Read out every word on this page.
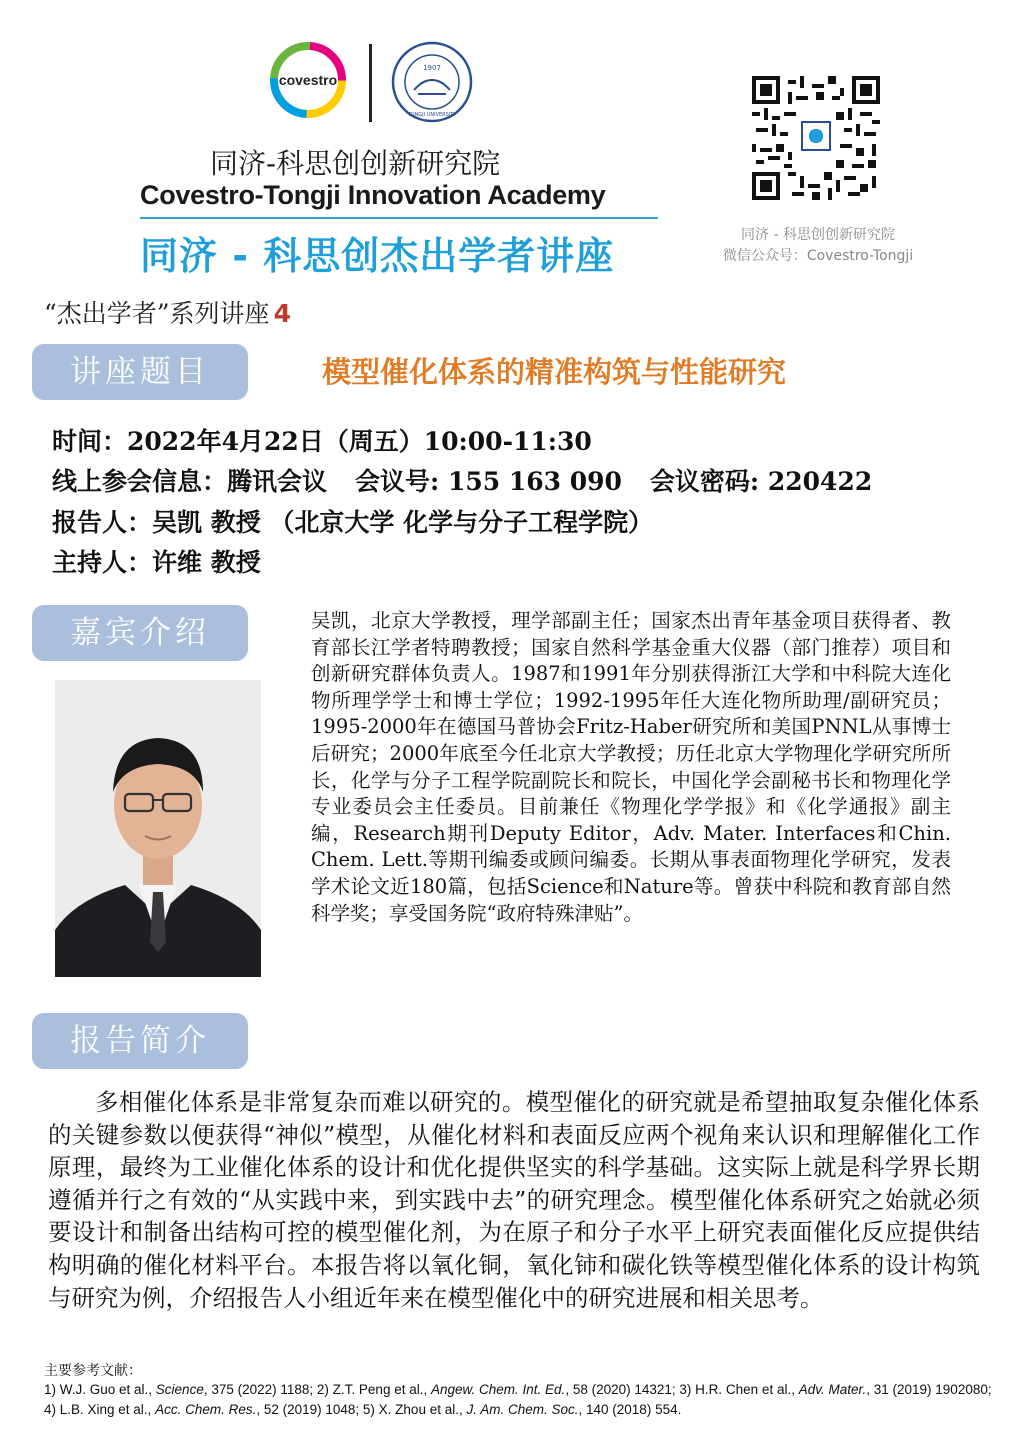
covestro
1907
TONGJI UNIVERSITY
同济-科思创创新研究院
Covestro-Tongji Innovation Academy
同济 - 科思创杰出学者讲座	同济 - 科思创创新研究院
微信公众号：Covestro-Tongji
“杰出学者”系列讲座 4
讲座题目	模型催化体系的精准构筑与性能研究
时间：2022年4月22日（周五）10:00-11:30
线上参会信息：腾讯会议 会议号: 155 163 090 会议密码: 220422
报告人：吴凯 教授 （北京大学 化学与分子工程学院）
主持人：许维 教授
嘉宾介绍	吴凯，北京大学教授，理学部副主任；国家杰出青年基金项目获得者、教育部长江学者特聘教授；国家自然科学基金重大仪器（部门推荐）项目和创新研究群体负责人。1987和1991年分别获得浙江大学和中科院大连化物所理学学士和博士学位；1992-1995年任大连化物所助理/副研究员；1995-2000年在德国马普协会Fritz-Haber研究所和美国PNNL从事博士后研究；2000年底至今任北京大学教授；历任北京大学物理化学研究所所长，化学与分子工程学院副院长和院长，中国化学会副秘书长和物理化学专业委员会主任委员。目前兼任《物理化学学报》和《化学通报》副主编，Research期刊Deputy Editor，Adv. Mater. Interfaces和Chin. Chem. Lett.等期刊编委或顾问编委。长期从事表面物理化学研究，发表学术论文近180篇，包括Science和Nature等。曾获中科院和教育部自然科学奖；享受国务院“政府特殊津贴”。
报告简介
多相催化体系是非常复杂而难以研究的。模型催化的研究就是希望抽取复杂催化体系的关键参数以便获得“神似”模型，从催化材料和表面反应两个视角来认识和理解催化工作原理，最终为工业催化体系的设计和优化提供坚实的科学基础。这实际上就是科学界长期遵循并行之有效的“从实践中来，到实践中去”的研究理念。模型催化体系研究之始就必须要设计和制备出结构可控的模型催化剂，为在原子和分子水平上研究表面催化反应提供结构明确的催化材料平台。本报告将以氧化铜，氧化铈和碳化铁等模型催化体系的设计构筑与研究为例，介绍报告人小组近年来在模型催化中的研究进展和相关思考。
主要参考文献：
1) W.J. Guo et al., Science, 375 (2022) 1188; 2) Z.T. Peng et al., Angew. Chem. Int. Ed., 58 (2020) 14321; 3) H.R. Chen et al., Adv. Mater., 31 (2019) 1902080; 4) L.B. Xing et al., Acc. Chem. Res., 52 (2019) 1048; 5) X. Zhou et al., J. Am. Chem. Soc., 140 (2018) 554.
